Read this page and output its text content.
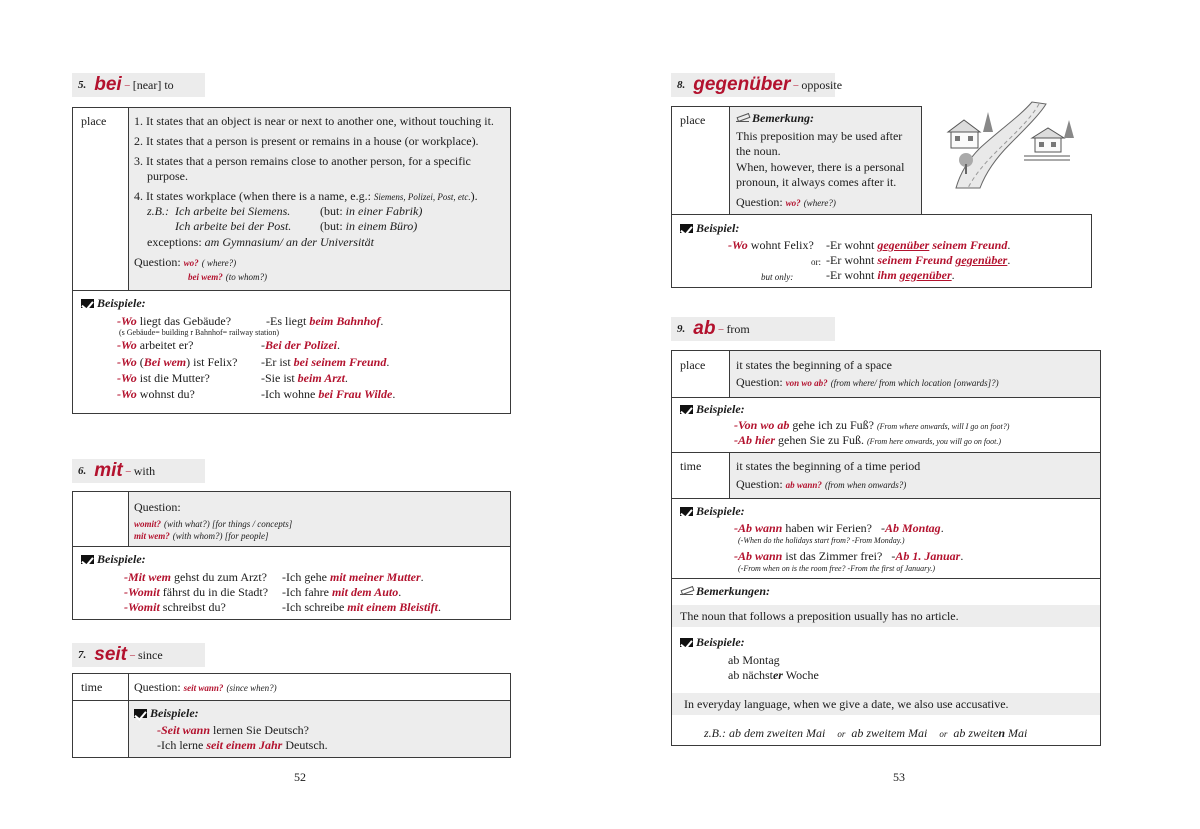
5. bei – [near] to
place 1. It states that an object is near or next to another one, without touching it.
2. It states that a person is present or remains in a house (or workplace).
3. It states that a person remains close to another person, for a specific
purpose.
4. It states workplace (when there is a name, e.g.: Siemens, Polizei, Post, etc.).
z.B.: Ich arbeite bei Siemens. (but: in einer Fabrik)
Ich arbeite bei der Post. (but: in einem Büro)
exceptions: am Gymnasium/ an der Universität
Question: wo? ( where?)
bei wem? (to whom?)
Beispiele:
-Wo liegt das Gebäude?	-Es liegt beim Bahnhof.
(s Gebäude= building r Bahnhof= railway station)
-Wo arbeitet er?	-Bei der Polizei.
-Wo (Bei wem) ist Felix? -Er ist bei seinem Freund.
-Wo ist die Mutter?	-Sie ist beim Arzt.
-Wo wohnst du?	-Ich wohne bei Frau Wilde.
6. mit – with
Question:
womit? (with what?) [for things / concepts]
mit wem? (with whom?) [for people]
Beispiele:
-Mit wem gehst du zum Arzt? -Ich gehe mit meiner Mutter.
-Womit fährst du in die Stadt? -Ich fahre mit dem Auto.
-Womit schreibst du?	-Ich schreibe mit einem Bleistift.
7. seit – since
time	Question: seit wann? (since when?)
Beispiele:
-Seit wann lernen Sie Deutsch?
-Ich lerne seit einem Jahr Deutsch.
52
8. gegenüber – opposite
place	Bemerkung:
This preposition may be used after
the noun.
When, however, there is a personal
pronoun, it always comes after it.
Question: wo? (where?)
Beispiel:
-Wo wohnt Felix? -Er wohnt gegenüber seinem Freund.
or: -Er wohnt seinem Freund gegenüber.
but only:	-Er wohnt ihm gegenüber.
9. ab – from
place	it states the beginning of a space
Question: von wo ab? (from where/ from which location [onwards]?)
Beispiele:
-Von wo ab gehe ich zu Fuß? (From where onwards, will I go on foot?)
-Ab hier gehen Sie zu Fuß. (From here onwards, you will go on foot.)
time	it states the beginning of a time period
Question: ab wann? (from when onwards?)
Beispiele:
-Ab wann haben wir Ferien? -Ab Montag.
(-When do the holidays start from? -From Monday.)
-Ab wann ist das Zimmer frei? -Ab 1. Januar.
(-From when on is the room free? -From the first of January.)
Bemerkungen:
The noun that follows a preposition usually has no article.
Beispiele:
ab Montag
ab nächster Woche
In everyday language, when we give a date, we also use accusative.
z.B.: ab dem zweiten Mai or ab zweitem Mai or ab zweiten Mai
53
